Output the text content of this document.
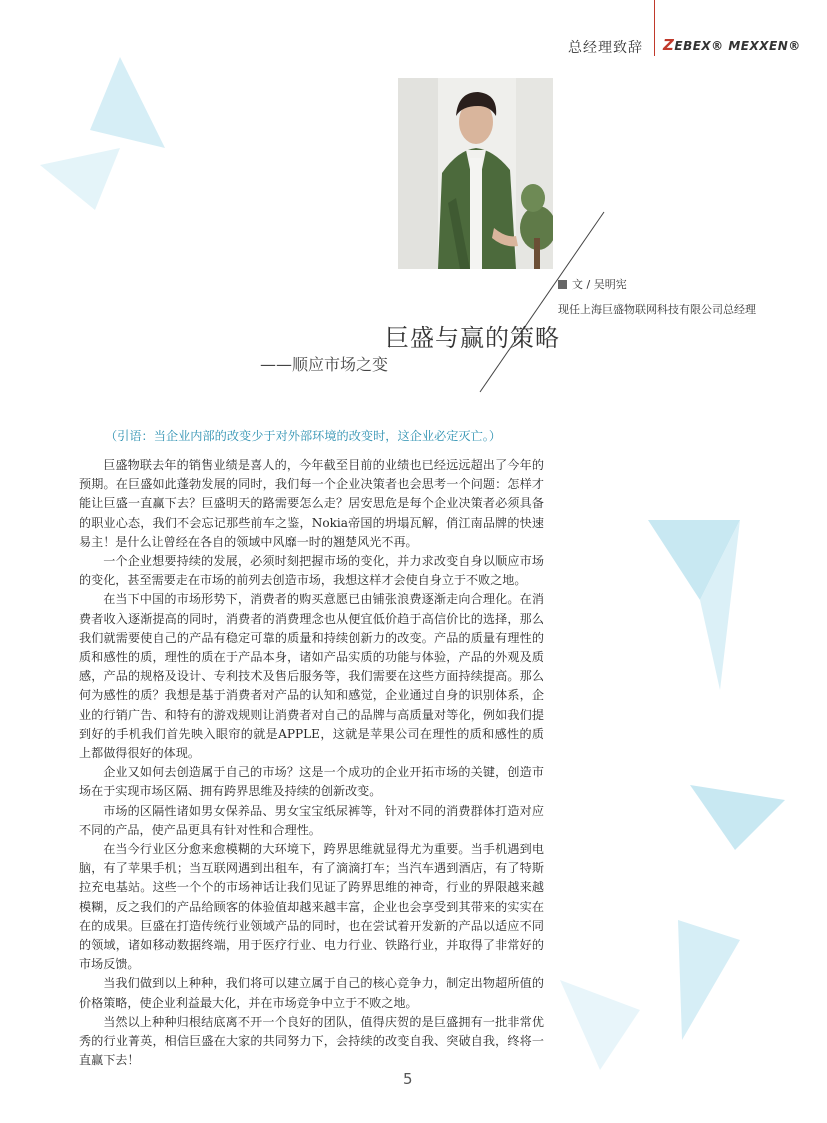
总经理致辞 ZEBEX® MEXXEN®
文 / 吴明宪
现任上海巨盛物联网科技有限公司总经理
巨盛与赢的策略
——顺应市场之变
（引语：当企业内部的改变少于对外部环境的改变时，这企业必定灭亡。）

巨盛物联去年的销售业绩是喜人的，今年截至目前的业绩也已经远远超出了今年的预期。在巨盛如此蓬勃发展的同时，我们每一个企业决策者也会思考一个问题：怎样才能让巨盛一直赢下去？巨盛明天的路需要怎么走？居安思危是每个企业决策者必须具备的职业心态，我们不会忘记那些前车之鉴，Nokia帝国的坍塌瓦解，俏江南品牌的快速易主！是什么让曾经在各自的领域中风靡一时的翘楚风光不再。

一个企业想要持续的发展，必须时刻把握市场的变化，并力求改变自身以顺应市场的变化，甚至需要走在市场的前列去创造市场，我想这样才会使自身立于不败之地。

在当下中国的市场形势下，消费者的购买意愿已由铺张浪费逐渐走向合理化。在消费者收入逐渐提高的同时，消费者的消费理念也从便宜低价趋于高信价比的选择，那么我们就需要使自己的产品有稳定可靠的质量和持续创新力的改变。产品的质量有理性的质和感性的质，理性的质在于产品本身，诸如产品实质的功能与体验，产品的外观及质感，产品的规格及设计、专利技术及售后服务等，我们需要在这些方面持续提高。那么何为感性的质？我想是基于消费者对产品的认知和感觉，企业通过自身的识别体系，企业的行销广告、和特有的游戏规则让消费者对自己的品牌与高质量对等化，例如我们提到好的手机我们首先映入眼帘的就是APPLE，这就是苹果公司在理性的质和感性的质上都做得很好的体现。

企业又如何去创造属于自己的市场？这是一个成功的企业开拓市场的关键，创造市场在于实现市场区隔、拥有跨界思维及持续的创新改变。

市场的区隔性诸如男女保养品、男女宝宝纸尿裤等，针对不同的消费群体打造对应不同的产品，使产品更具有针对性和合理性。

在当今行业区分愈来愈模糊的大环境下，跨界思维就显得尤为重要。当手机遇到电脑，有了苹果手机；当互联网遇到出租车，有了滴滴打车；当汽车遇到酒店，有了特斯拉充电基站。这些一个个的市场神话让我们见证了跨界思维的神奇，行业的界限越来越模糊，反之我们的产品给顾客的体验值却越来越丰富，企业也会享受到其带来的实实在在的成果。巨盛在打造传统行业领域产品的同时，也在尝试着开发新的产品以适应不同的领域，诸如移动数据终端，用于医疗行业、电力行业、铁路行业，并取得了非常好的市场反馈。

当我们做到以上种种，我们将可以建立属于自己的核心竞争力，制定出物超所值的价格策略，使企业利益最大化，并在市场竞争中立于不败之地。

当然以上种种归根结底离不开一个良好的团队，值得庆贺的是巨盛拥有一批非常优秀的行业菁英，相信巨盛在大家的共同努力下，会持续的改变自我、突破自我，终将一直赢下去！

5
